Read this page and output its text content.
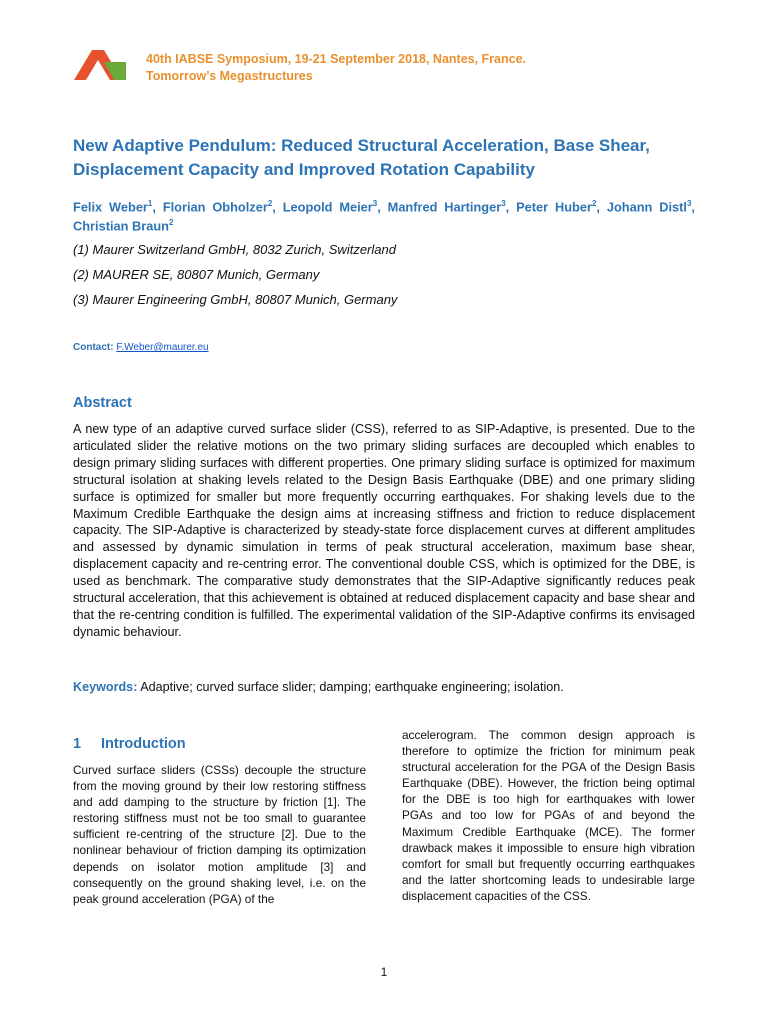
40th IABSE Symposium, 19-21 September 2018, Nantes, France.
Tomorrow’s Megastructures
New Adaptive Pendulum: Reduced Structural Acceleration, Base Shear, Displacement Capacity and Improved Rotation Capability
Felix Weber$^1$, Florian Obholzer$^2$, Leopold Meier$^3$, Manfred Hartinger$^3$, Peter Huber$^2$, Johann Distl$^3$, Christian Braun$^2$
(1) Maurer Switzerland GmbH, 8032 Zurich, Switzerland
(2) MAURER SE, 80807 Munich, Germany
(3) Maurer Engineering GmbH, 80807 Munich, Germany
Contact: F.Weber@maurer.eu
Abstract

A new type of an adaptive curved surface slider (CSS), referred to as SIP-Adaptive, is presented. Due to the articulated slider the relative motions on the two primary sliding surfaces are decoupled which enables to design primary sliding surfaces with different properties. One primary sliding surface is optimized for maximum structural isolation at shaking levels related to the Design Basis Earthquake (DBE) and one primary sliding surface is optimized for smaller but more frequently occurring earthquakes. For shaking levels due to the Maximum Credible Earthquake the design aims at increasing stiffness and friction to reduce displacement capacity. The SIP-Adaptive is characterized by steady-state force displacement curves at different amplitudes and assessed by dynamic simulation in terms of peak structural acceleration, maximum base shear, displacement capacity and re-centring error. The conventional double CSS, which is optimized for the DBE, is used as benchmark. The comparative study demonstrates that the SIP-Adaptive significantly reduces peak structural acceleration, that this achievement is obtained at reduced displacement capacity and base shear and that the re-centring condition is fulfilled. The experimental validation of the SIP-Adaptive confirms its envisaged dynamic behaviour.

Keywords: Adaptive; curved surface slider; damping; earthquake engineering; isolation.
1 Introduction

Curved surface sliders (CSSs) decouple the structure from the moving ground by their low restoring stiffness and add damping to the structure by friction [1]. The restoring stiffness must not be too small to guarantee sufficient re-centring of the structure [2]. Due to the nonlinear behaviour of friction damping its optimization depends on isolator motion amplitude [3] and consequently on the ground shaking level, i.e. on the peak ground acceleration (PGA) of the

accelerogram. The common design approach is therefore to optimize the friction for minimum peak structural acceleration for the PGA of the Design Basis Earthquake (DBE). However, the friction being optimal for the DBE is too high for earthquakes with lower PGAs and too low for PGAs of and beyond the Maximum Credible Earthquake (MCE). The former drawback makes it impossible to ensure high vibration comfort for small but frequently occurring earthquakes and the latter shortcoming leads to undesirable large displacement capacities of the CSS.

1
